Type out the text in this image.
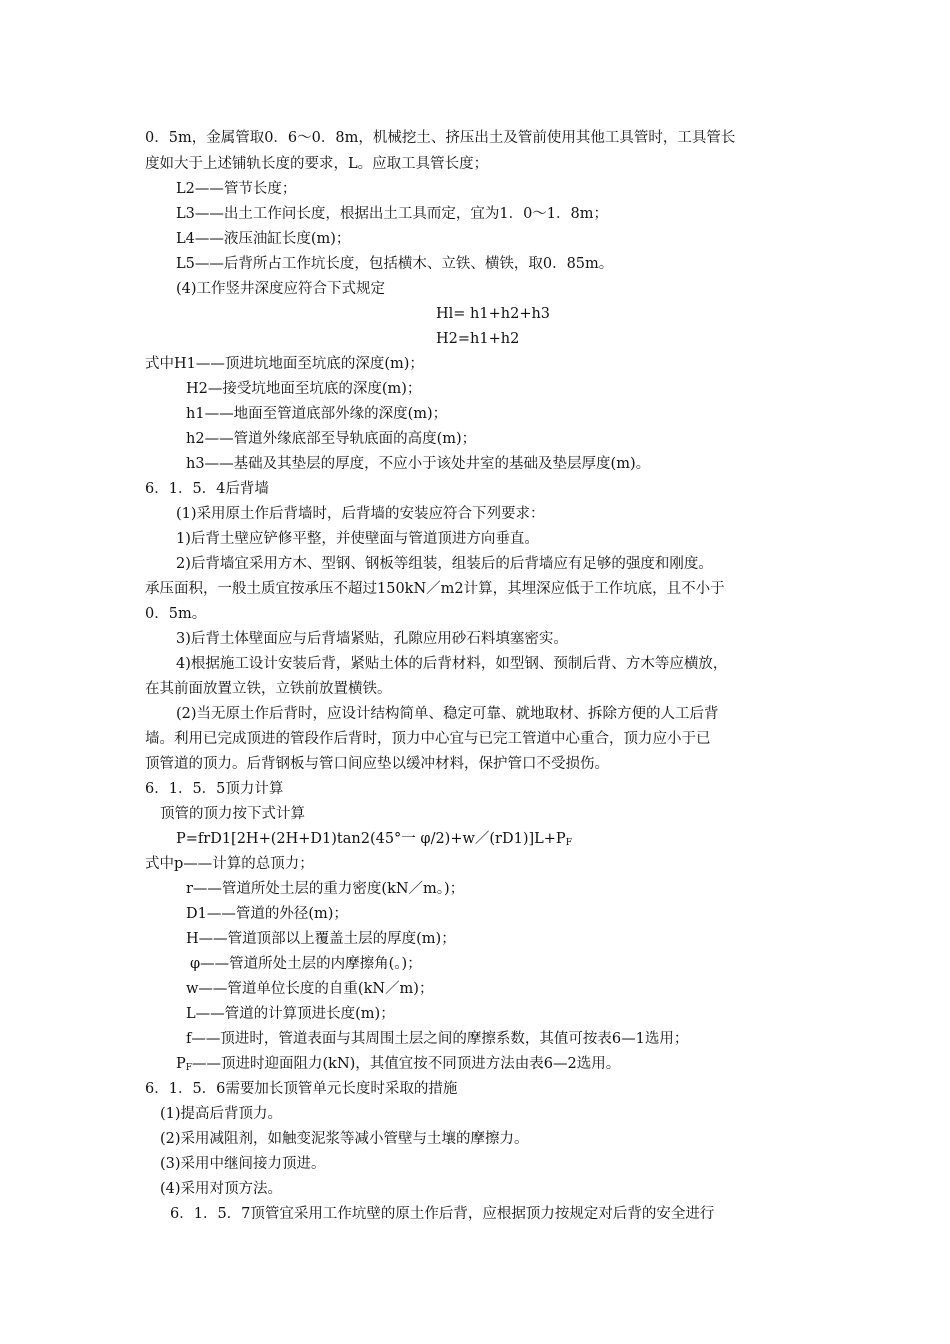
0．5m，金属管取0．6～0．8m，机械挖土、挤压出土及管前使用其他工具管时，工具管长
度如大于上述铺轨长度的要求，L。应取工具管长度；
L2——管节长度；
L3——出土工作问长度，根据出土工具而定，宜为1．0～1．8m；
L4——液压油缸长度(m)；
L5——后背所占工作坑长度，包括横木、立铁、横铁，取0．85m。
(4)工作竖井深度应符合下式规定
Hl= h1+h2+h3
H2=h1+h2
式中H1——顶进坑地面至坑底的深度(m)；
H2—接受坑地面至坑底的深度(m)；
h1——地面至管道底部外缘的深度(m)；
h2——管道外缘底部至导轨底面的高度(m)；
h3——基础及其垫层的厚度，不应小于该处井室的基础及垫层厚度(m)。
6．1．5．4后背墙
(1)采用原土作后背墙时，后背墙的安装应符合下列要求：
1)后背土壁应铲修平整，并使壁面与管道顶进方向垂直。
2)后背墙宜采用方木、型钢、钢板等组装，组装后的后背墙应有足够的强度和刚度。
承压面积，一般土质宜按承压不超过150kN／m2计算，其埋深应低于工作坑底，且不小于
0．5m。
3)后背土体壁面应与后背墙紧贴，孔隙应用砂石料填塞密实。
4)根据施工设计安装后背，紧贴土体的后背材料，如型钢、预制后背、方木等应横放，
在其前面放置立铁，立铁前放置横铁。
(2)当无原土作后背时，应设计结构简单、稳定可靠、就地取材、拆除方便的人工后背
墙。利用已完成顶进的管段作后背时，顶力中心宜与已完工管道中心重合，顶力应小于已
顶管道的顶力。后背钢板与管口间应垫以缓冲材料，保护管口不受损伤。
6．1．5．5顶力计算
顶管的顶力按下式计算
P=frD1[2H+(2H+D1)tan2(45°一 $\varphi/2)+w/(rD1)]L+P_F$
式中p——计算的总顶力；
r——管道所处土层的重力密度(kN／m。)；
D1——管道的外径(m)；
H——管道顶部以上覆盖土层的厚度(m)；
φ——管道所处土层的内摩擦角(。)；
w——管道单位长度的自重(kN／m)；
L——管道的计算顶进长度(m)；
f——顶进时，管道表面与其周围土层之间的摩擦系数，其值可按表6—1选用；
$P_F——$顶进时迎面阻力(kN)，其值宜按不同顶进方法由表6—2选用。
6．1．5．6需要加长顶管单元长度时采取的措施
(1)提高后背顶力。
(2)采用减阻剂，如触变泥浆等减小管壁与土壤的摩擦力。
(3)采用中继间接力顶进。
(4)采用对顶方法。
6．1．5．7顶管宜采用工作坑壁的原土作后背，应根据顶力按规定对后背的安全进行
